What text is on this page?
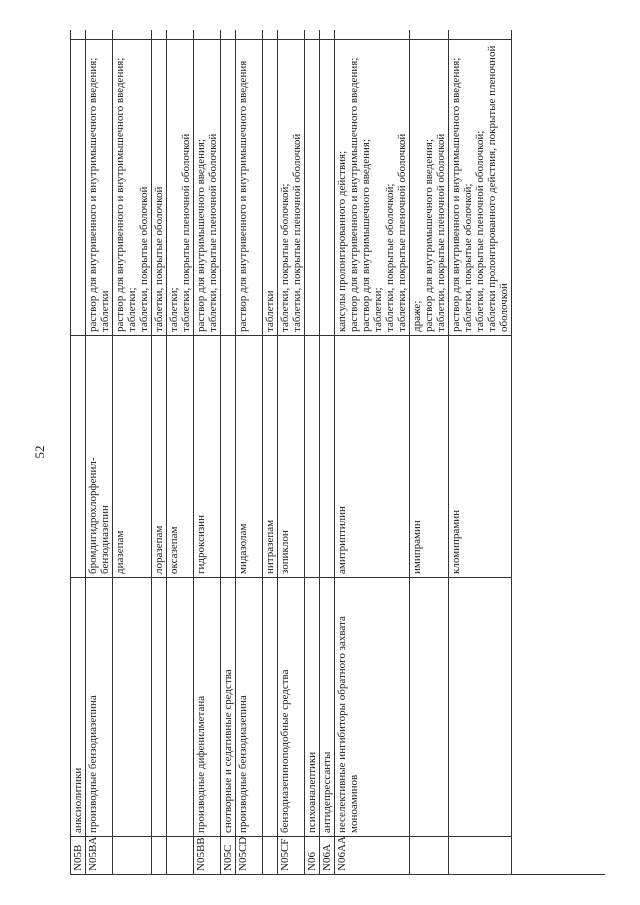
52
N05B
анксиолитики
N05BA
производные бензодиазепина
бромдигидрохлорфенил-
бензодиазепин
раствор для внутривенного и внутримышечного введения;
таблетки
диазепам
раствор для внутривенного и внутримышечного введения;
таблетки;
таблетки, покрытые оболочкой
лоразепам
таблетки, покрытые оболочкой
оксазепам
таблетки;
таблетки, покрытые пленочной оболочкой
N05BB
производные дифенилметана
гидроксизин
раствор для внутримышечного введения;
таблетки, покрытые пленочной оболочкой
N05C
снотворные и седативные средства
N05CD
производные бензодиазепина
мидазолам
раствор для внутривенного и внутримышечного введения
нитразепам
таблетки
N05CF
бензодиазепиноподобные средства
зопиклон
таблетки, покрытые оболочкой;
таблетки, покрытые пленочной оболочкой
N06
психоаналептики
N06A
антидепрессанты
N06AA
неселективные ингибиторы обратного захвата моноаминов
амитриптилин
капсулы пролонгированного действия;
раствор для внутривенного и внутримышечного введения;
раствор для внутримышечного введения;
таблетки;
таблетки, покрытые оболочкой;
таблетки, покрытые пленочной оболочкой
имипрамин
драже;
раствор для внутримышечного введения;
таблетки, покрытые пленочной оболочкой
кломипрамин
раствор для внутривенного и внутримышечного введения;
таблетки, покрытые оболочкой;
таблетки, покрытые пленочной оболочкой;
таблетки пролонгированного действия, покрытые пленочной оболочкой
